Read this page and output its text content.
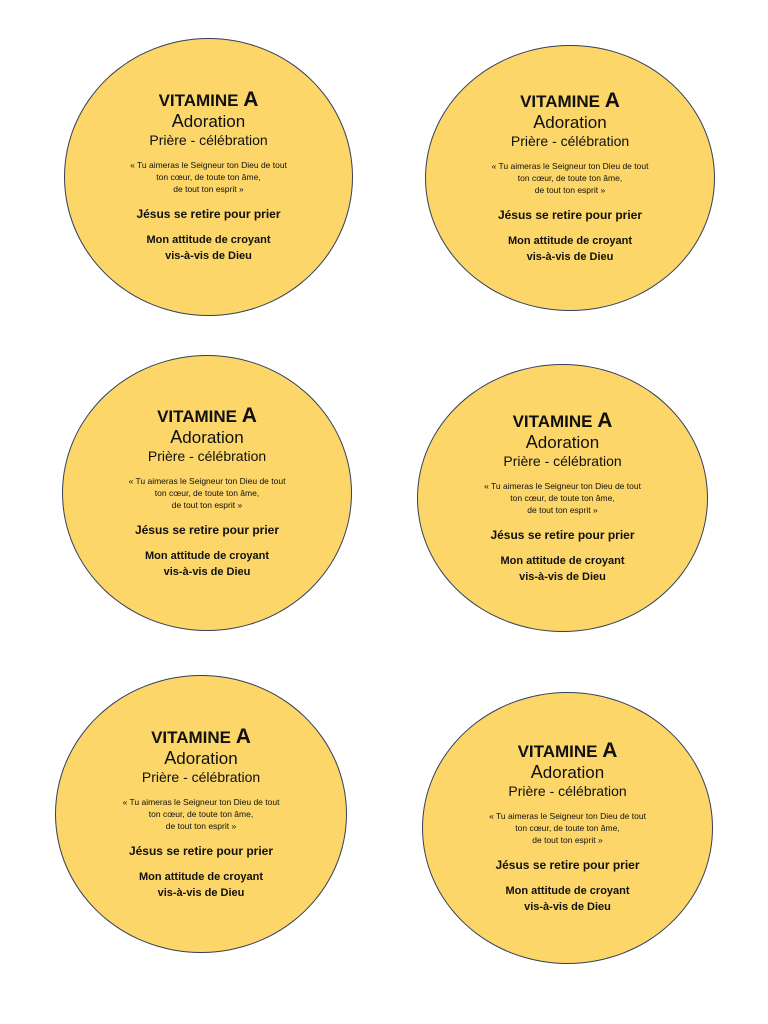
VITAMINE A
Adoration
Prière - célébration
« Tu aimeras le Seigneur ton Dieu de tout
ton cœur, de toute ton âme,
de tout ton esprit »
Jésus se retire pour prier
Mon attitude de croyant
vis-à-vis de Dieu
VITAMINE A
Adoration
Prière - célébration
« Tu aimeras le Seigneur ton Dieu de tout
ton cœur, de toute ton âme,
de tout ton esprit »
Jésus se retire pour prier
Mon attitude de croyant
vis-à-vis de Dieu
VITAMINE A
Adoration
Prière - célébration
« Tu aimeras le Seigneur ton Dieu de tout
ton cœur, de toute ton âme,
de tout ton esprit »
Jésus se retire pour prier
Mon attitude de croyant
vis-à-vis de Dieu
VITAMINE A
Adoration
Prière - célébration
« Tu aimeras le Seigneur ton Dieu de tout
ton cœur, de toute ton âme,
de tout ton esprit »
Jésus se retire pour prier
Mon attitude de croyant
vis-à-vis de Dieu
VITAMINE A
Adoration
Prière - célébration
« Tu aimeras le Seigneur ton Dieu de tout
ton cœur, de toute ton âme,
de tout ton esprit »
Jésus se retire pour prier
Mon attitude de croyant
vis-à-vis de Dieu
VITAMINE A
Adoration
Prière - célébration
« Tu aimeras le Seigneur ton Dieu de tout
ton cœur, de toute ton âme,
de tout ton esprit »
Jésus se retire pour prier
Mon attitude de croyant
vis-à-vis de Dieu
